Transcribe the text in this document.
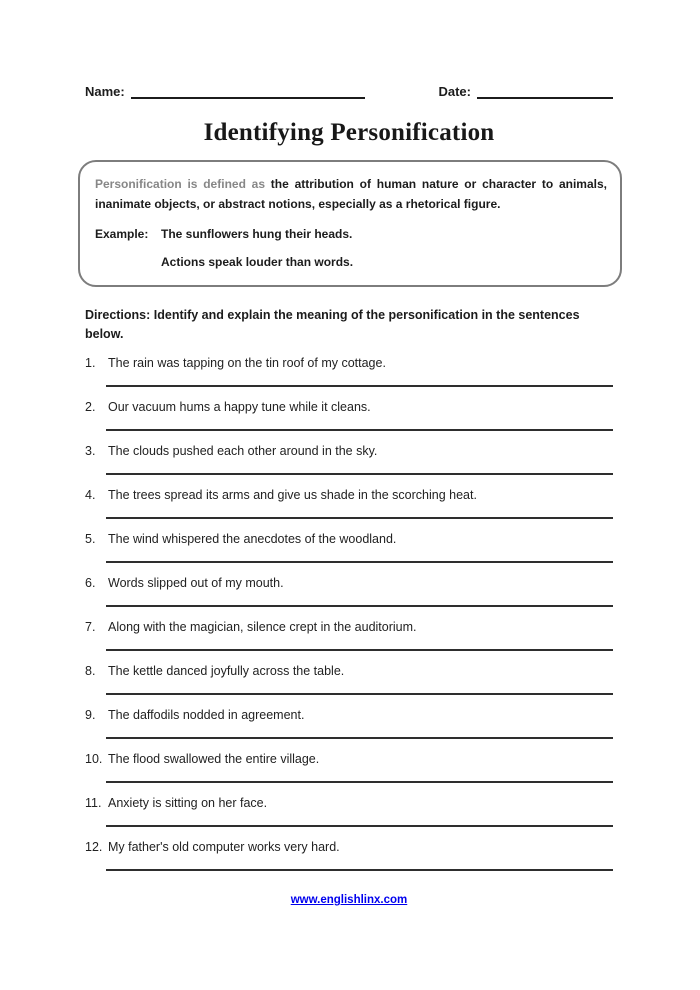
Name:	Date:
Identifying Personification
Personification is defined as the attribution of human nature or character to animals, inanimate objects, or abstract notions, especially as a rhetorical figure.
Example:	The sunflowers hung their heads.
Actions speak louder than words.
Directions: Identify and explain the meaning of the personification in the sentences below.
1.	The rain was tapping on the tin roof of my cottage.
2.	Our vacuum hums a happy tune while it cleans.
3.	The clouds pushed each other around in the sky.
4.	The trees spread its arms and give us shade in the scorching heat.
5.	The wind whispered the anecdotes of the woodland.
6.	Words slipped out of my mouth.
7.	Along with the magician, silence crept in the auditorium.
8.	The kettle danced joyfully across the table.
9.	The daffodils nodded in agreement.
10. The flood swallowed the entire village.
11. Anxiety is sitting on her face.
12. My father's old computer works very hard.
www.englishlinx.com
